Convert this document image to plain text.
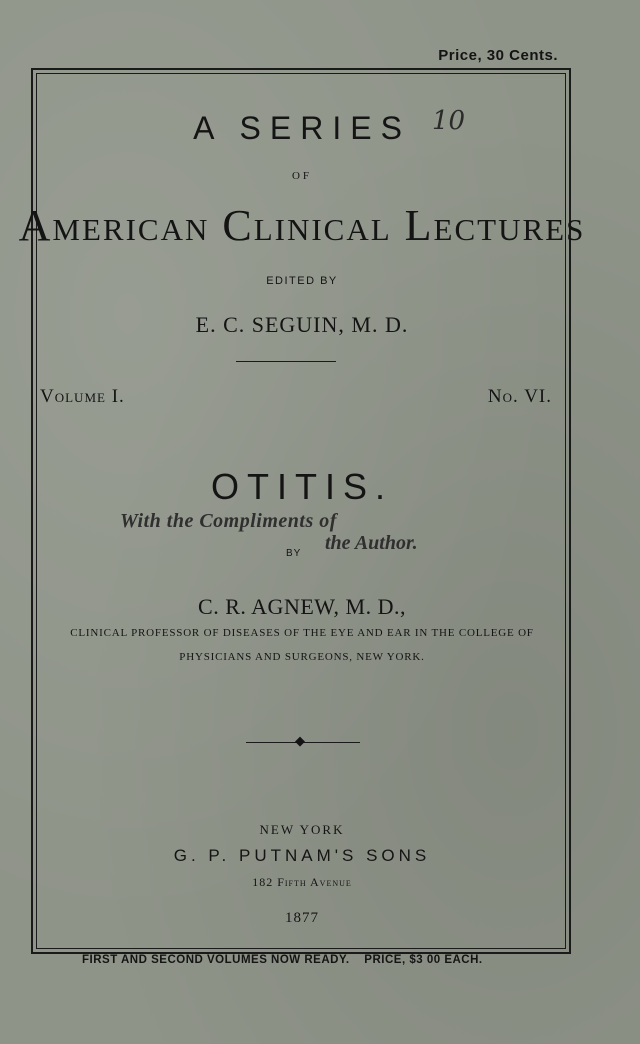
Price, 30 Cents.
A SERIES 10
OF
American Clinical Lectures
EDITED BY
E. C. SEGUIN, M. D.
Volume I.	No. VI.
OTITIS.
With the Compliments of
the Author.
BY
C. R. AGNEW, M. D.,
CLINICAL PROFESSOR OF DISEASES OF THE EYE AND EAR IN THE COLLEGE OF
PHYSICIANS AND SURGEONS, NEW YORK.
◆
NEW YORK
G. P. PUTNAM'S SONS
182 Fifth Avenue
1877
FIRST AND SECOND VOLUMES NOW READY.    PRICE, $3 00 EACH.
